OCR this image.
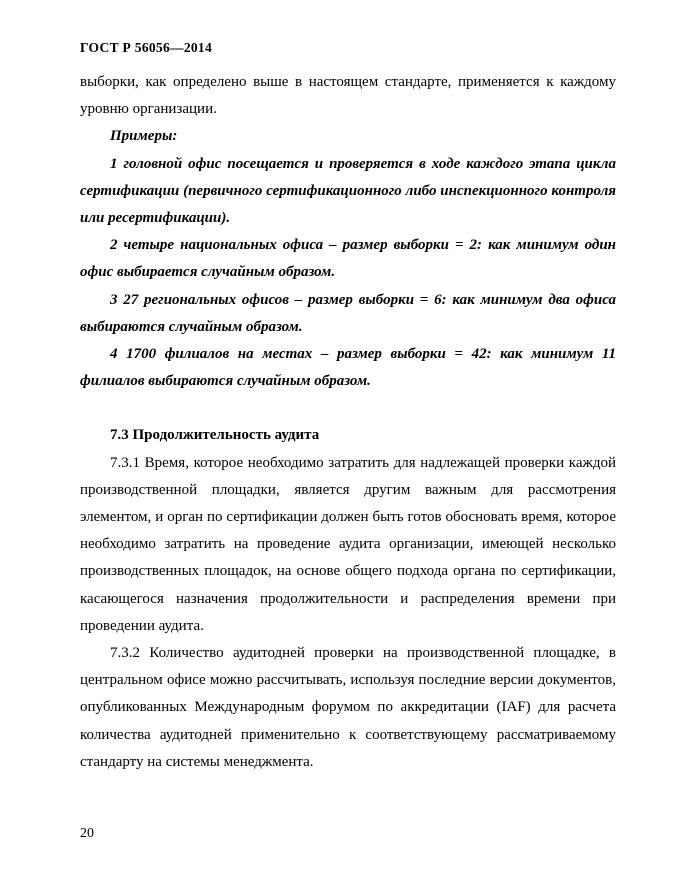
ГОСТ Р 56056—2014

выборки, как определено выше в настоящем стандарте, применяется к каждому уровню организации.

Примеры:

1 головной офис посещается и проверяется в ходе каждого этапа цикла сертификации (первичного сертификационного либо инспекционного контроля или ресертификации).

2 четыре национальных офиса – размер выборки = 2: как минимум один офис выбирается случайным образом.

3 27 региональных офисов – размер выборки = 6: как минимум два офиса выбираются случайным образом.

4 1700 филиалов на местах – размер выборки = 42: как минимум 11 филиалов выбираются случайным образом.

7.3 Продолжительность аудита

7.3.1 Время, которое необходимо затратить для надлежащей проверки каждой производственной площадки, является другим важным для рассмотрения элементом, и орган по сертификации должен быть готов обосновать время, которое необходимо затратить на проведение аудита организации, имеющей несколько производственных площадок, на основе общего подхода органа по сертификации, касающегося назначения продолжительности и распределения времени при проведении аудита.

7.3.2 Количество аудитодней проверки на производственной площадке, в центральном офисе можно рассчитывать, используя последние версии документов, опубликованных Международным форумом по аккредитации (IAF) для расчета количества аудитодней применительно к соответствующему рассматриваемому стандарту на системы менеджмента.

20
